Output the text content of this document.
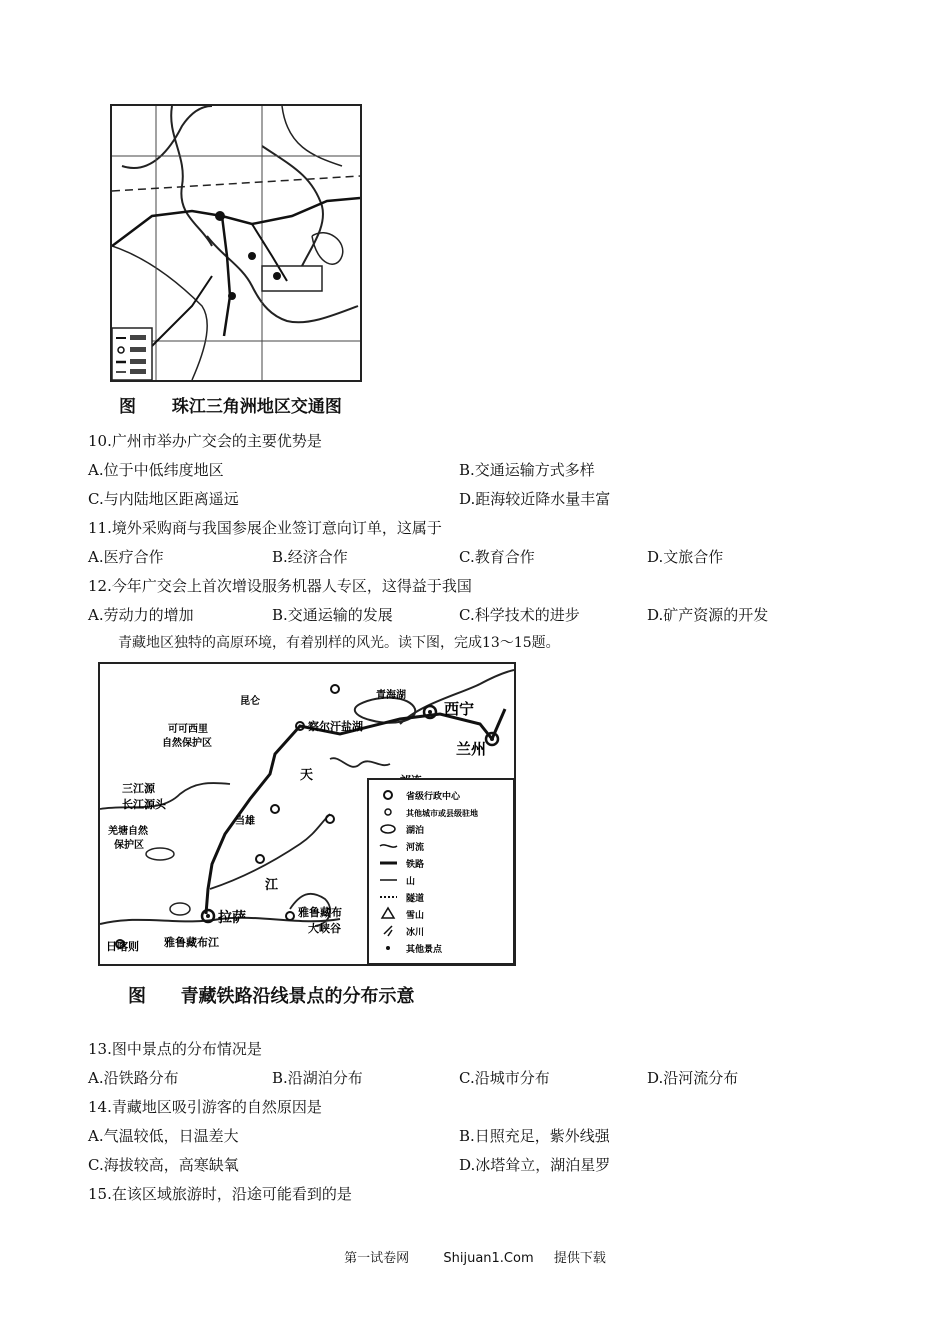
图 珠江三角洲地区交通图
10.广州市举办广交会的主要优势是
A.位于中低纬度地区	B.交通运输方式多样
C.与内陆地区距离遥远	D.距海较近降水量丰富
11.境外采购商与我国参展企业签订意向订单，这属于
A.医疗合作	B.经济合作	C.教育合作	D.文旅合作
12.今年广交会上首次增设服务机器人专区，这得益于我国
A.劳动力的增加	B.交通运输的发展	C.科学技术的进步	D.矿产资源的开发
青藏地区独特的高原环境，有着别样的风光。读下图，完成13～15题。
西宁
兰州
青海湖
察尔汗盐湖
可可西里
自然保护区
三江源
长江源头
羌塘自然
保护区
昆仑
天
当雄
江
拉萨	雅鲁藏布
大峡谷
日喀则 雅鲁藏布江
省级行政中心
其他城市或县级驻地
湖泊
河流
铁路
山
隧道
雪山
冰川
其他景点
图 青藏铁路沿线景点的分布示意
13.图中景点的分布情况是
A.沿铁路分布	B.沿湖泊分布	C.沿城市分布	D.沿河流分布
14.青藏地区吸引游客的自然原因是
A.气温较低，日温差大	B.日照充足，紫外线强
C.海拔较高，高寒缺氧	D.冰塔耸立，湖泊星罗
15.在该区域旅游时，沿途可能看到的是
第一试卷网	Shijuan1.Com 提供下载
